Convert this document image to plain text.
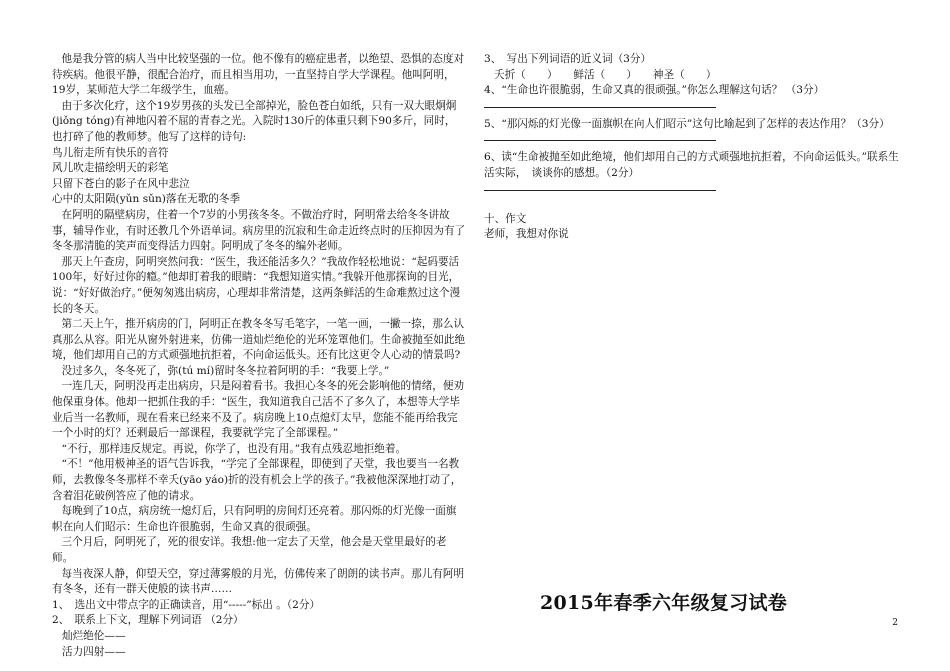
他是我分管的病人当中比较坚强的一位。他不像有的癌症患者，以绝望、恐惧的态度对待疾病。他很平静，很配合治疗，而且相当用功，一直坚持自学大学课程。他叫阿明，19岁，某师范大学二年级学生，血癌。

由于多次化疗，这个19岁男孩的头发已全部掉光，脸色苍白如纸，只有一双大眼炯炯(jiǒng tóng)有神地闪着不屈的青春之光。入院时130斤的体重只剩下90多斤，同时，也打碎了他的教师梦。他写了这样的诗句:

鸟儿衔走所有快乐的音符

风儿吹走描绘明天的彩笔

只留下苍白的影子在风中悲泣

心中的太阳陨(yǔn sǔn)落在无歌的冬季

在阿明的隔壁病房，住着一个7岁的小男孩冬冬。不做治疗时，阿明常去给冬冬讲故事，辅导作业，有时还教几个外语单词。病房里的沉寂和生命走近终点时的压抑因为有了冬冬那清脆的笑声而变得活力四射。阿明成了冬冬的编外老师。

那天上午查房，阿明突然问我：“医生，我还能活多久？”我故作轻松地说：“起码要活100年，好好过你的瘾。”他却盯着我的眼睛：“我想知道实情。”我躲开他那探询的目光，说：“好好做治疗。”便匆匆逃出病房，心理却非常清楚，这两条鲜活的生命难熬过这个漫长的冬天。

第二天上午，推开病房的门，阿明正在教冬冬写毛笔字，一笔一画，一撇一捺，那么认真那么从容。阳光从窗外射进来，仿佛一道灿烂绝伦的光环笼罩他们。生命被抛至如此绝境，他们却用自己的方式顽强地抗拒着，不向命运低头。还有比这更令人心动的情景吗?

没过多久，冬冬死了，弥(tú mí)留时冬冬拉着阿明的手：“我要上学。”

一连几天，阿明没再走出病房，只是闷着看书。我担心冬冬的死会影响他的情绪，便劝他保重身体。他却一把抓住我的手：“医生，我知道我自己活不了多久了，本想等大学毕业后当一名教师，现在看来已经来不及了。病房晚上10点熄灯太早，您能不能再给我完一个小时的灯？还剩最后一部课程，我要就学完了全部课程。”

“不行，那样违反规定。再说，你学了，也没有用。”我有点残忍地拒绝着。

“不！”他用极神圣的语气告诉我，“学完了全部课程，即使到了天堂，我也要当一名教师，去教像冬冬那样不幸夭(yāo yáo)折的没有机会上学的孩子。”我被他深深地打动了，含着泪花破例答应了他的请求。

每晚到了10点，病房统一熄灯后，只有阿明的房间灯还亮着。那闪烁的灯光像一面旗帜在向人们昭示：生命也许很脆弱，生命又真的很顽强。

三个月后，阿明死了，死的很安详。我想:他一定去了天堂，他会是天堂里最好的老师。

每当夜深人静，仰望天空，穿过薄雾般的月光，仿佛传来了朗朗的读书声。那儿有阿明有冬冬，还有一群天使般的读书声……

1、　选出文中带点字的正确读音，用“-----”标出 。（2分）

2、　联系上下文，理解下列词语 （2分）

灿烂绝伦——

活力四射——

3、　写出下列词语的近义词（3分）

夭折（　　）　　鲜活（　　）　　神圣（　　）

4、“生命也许很脆弱，生命又真的很顽强。”你怎么理解这句话？ （3分）

5、“那闪烁的灯光像一面旗帜在向人们昭示”这句比喻起到了怎样的表达作用？（3分）

6、读“生命被抛至如此绝境，他们却用自己的方式顽强地抗拒着，不向命运低头。”联系生活实际，　谈谈你的感想。（2分）

十、作文

老师，我想对你说

2015年春季六年级复习试卷
2
